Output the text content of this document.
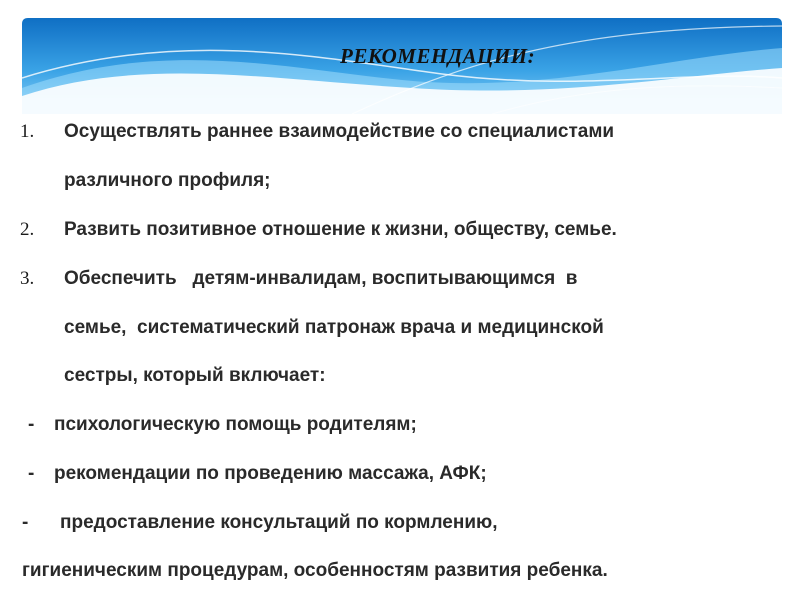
РЕКОМЕНДАЦИИ:
1. Осуществлять раннее взаимодействие со специалистами
различного профиля;
2. Развить позитивное отношение к жизни, обществу, семье.
3. Обеспечить   детям-инвалидам, воспитывающимся  в
семье,  систематический патронаж врача и медицинской
сестры, который включает:
- психологическую помощь родителям;
- рекомендации по проведению массажа, АФК;
- предоставление консультаций по кормлению,
гигиеническим процедурам, особенностям развития ребенка.
